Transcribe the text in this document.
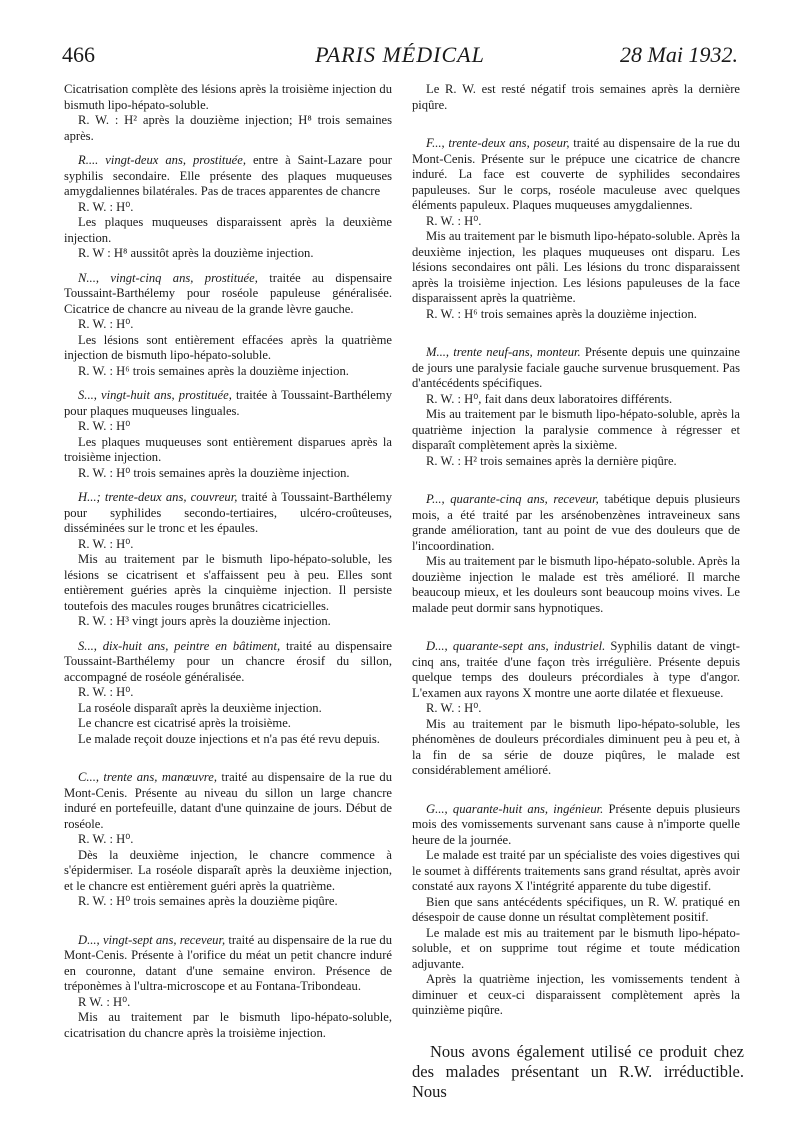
466	PARIS MÉDICAL	28 Mai 1932.

Cicatrisation complète des lésions après la troisième injection du bismuth lipo-hépato-soluble.

R. W. : H² après la douzième injection; H⁸ trois semaines après.

R.... vingt-deux ans, prostituée, entre à Saint-Lazare pour syphilis secondaire. Elle présente des plaques muqueuses amygdaliennes bilatérales. Pas de traces apparentes de chancre

R. W. : H⁰.

Les plaques muqueuses disparaissent après la deuxième injection.

R. W : H⁸ aussitôt après la douzième injection.

N..., vingt-cinq ans, prostituée, traitée au dispensaire Toussaint-Barthélemy pour roséole papuleuse généralisée. Cicatrice de chancre au niveau de la grande lèvre gauche.

R. W. : H⁰.

Les lésions sont entièrement effacées après la quatrième injection de bismuth lipo-hépato-soluble.

R. W. : H⁶ trois semaines après la douzième injection.

S..., vingt-huit ans, prostituée, traitée à Toussaint-Barthélemy pour plaques muqueuses linguales.

R. W. : H⁰

Les plaques muqueuses sont entièrement disparues après la troisième injection.

R. W. : H⁰ trois semaines après la douzième injection.

H...; trente-deux ans, couvreur, traité à Toussaint-Barthélemy pour syphilides secondo-tertiaires, ulcéro-croûteuses, disséminées sur le tronc et les épaules.

R. W. : H⁰.

Mis au traitement par le bismuth lipo-hépato-soluble, les lésions se cicatrisent et s'affaissent peu à peu. Elles sont entièrement guéries après la cinquième injection. Il persiste toutefois des macules rouges brunâtres cicatricielles.

R. W. : H³ vingt jours après la douzième injection.

S..., dix-huit ans, peintre en bâtiment, traité au dispensaire Toussaint-Barthélemy pour un chancre érosif du sillon, accompagné de roséole généralisée.

R. W. : H⁰.

La roséole disparaît après la deuxième injection.

Le chancre est cicatrisé après la troisième.

Le malade reçoit douze injections et n'a pas été revu depuis.

C..., trente ans, manœuvre, traité au dispensaire de la rue du Mont-Cenis. Présente au niveau du sillon un large chancre induré en portefeuille, datant d'une quinzaine de jours. Début de roséole.

R. W. : H⁰.

Dès la deuxième injection, le chancre commence à s'épidermiser. La roséole disparaît après la deuxième injection, et le chancre est entièrement guéri après la quatrième.

R. W. : H⁰ trois semaines après la douzième piqûre.

D..., vingt-sept ans, receveur, traité au dispensaire de la rue du Mont-Cenis. Présente à l'orifice du méat un petit chancre induré en couronne, datant d'une semaine environ. Présence de tréponèmes à l'ultra-microscope et au Fontana-Tribondeau.

R W. : H⁰.

Mis au traitement par le bismuth lipo-hépato-soluble, cicatrisation du chancre après la troisième injection.

Le R. W. est resté négatif trois semaines après la dernière piqûre.

F..., trente-deux ans, poseur, traité au dispensaire de la rue du Mont-Cenis. Présente sur le prépuce une cicatrice de chancre induré. La face est couverte de syphilides secondaires papuleuses. Sur le corps, roséole maculeuse avec quelques éléments papuleux. Plaques muqueuses amygdaliennes.

R. W. : H⁰.

Mis au traitement par le bismuth lipo-hépato-soluble. Après la deuxième injection, les plaques muqueuses ont disparu. Les lésions secondaires ont pâli. Les lésions du tronc disparaissent après la troisième injection. Les lésions papuleuses de la face disparaissent après la quatrième.

R. W. : H⁶ trois semaines après la douzième injection.

M..., trente neuf-ans, monteur. Présente depuis une quinzaine de jours une paralysie faciale gauche survenue brusquement. Pas d'antécédents spécifiques.

R. W. : H⁰, fait dans deux laboratoires différents.

Mis au traitement par le bismuth lipo-hépato-soluble, après la quatrième injection la paralysie commence à régresser et disparaît complètement après la sixième.

R. W. : H² trois semaines après la dernière piqûre.

P..., quarante-cinq ans, receveur, tabétique depuis plusieurs mois, a été traité par les arsénobenzènes intraveineux sans grande amélioration, tant au point de vue des douleurs que de l'incoordination.

Mis au traitement par le bismuth lipo-hépato-soluble. Après la douzième injection le malade est très amélioré. Il marche beaucoup mieux, et les douleurs sont beaucoup moins vives. Le malade peut dormir sans hypnotiques.

D..., quarante-sept ans, industriel. Syphilis datant de vingt-cinq ans, traitée d'une façon très irrégulière. Présente depuis quelque temps des douleurs précordiales à type d'angor. L'examen aux rayons X montre une aorte dilatée et flexueuse.

R. W. : H⁰.

Mis au traitement par le bismuth lipo-hépato-soluble, les phénomènes de douleurs précordiales diminuent peu à peu et, à la fin de sa série de douze piqûres, le malade est considérablement amélioré.

G..., quarante-huit ans, ingénieur. Présente depuis plusieurs mois des vomissements survenant sans cause à n'importe quelle heure de la journée.

Le malade est traité par un spécialiste des voies digestives qui le soumet à différents traitements sans grand résultat, après avoir constaté aux rayons X l'intégrité apparente du tube digestif.

Bien que sans antécédents spécifiques, un R. W. pratiqué en désespoir de cause donne un résultat complètement positif.

Le malade est mis au traitement par le bismuth lipo-hépato-soluble, et on supprime tout régime et toute médication adjuvante.

Après la quatrième injection, les vomissements tendent à diminuer et ceux-ci disparaissent complètement après la quinzième piqûre.

Nous avons également utilisé ce produit chez des malades présentant un R.W. irréductible. Nous
